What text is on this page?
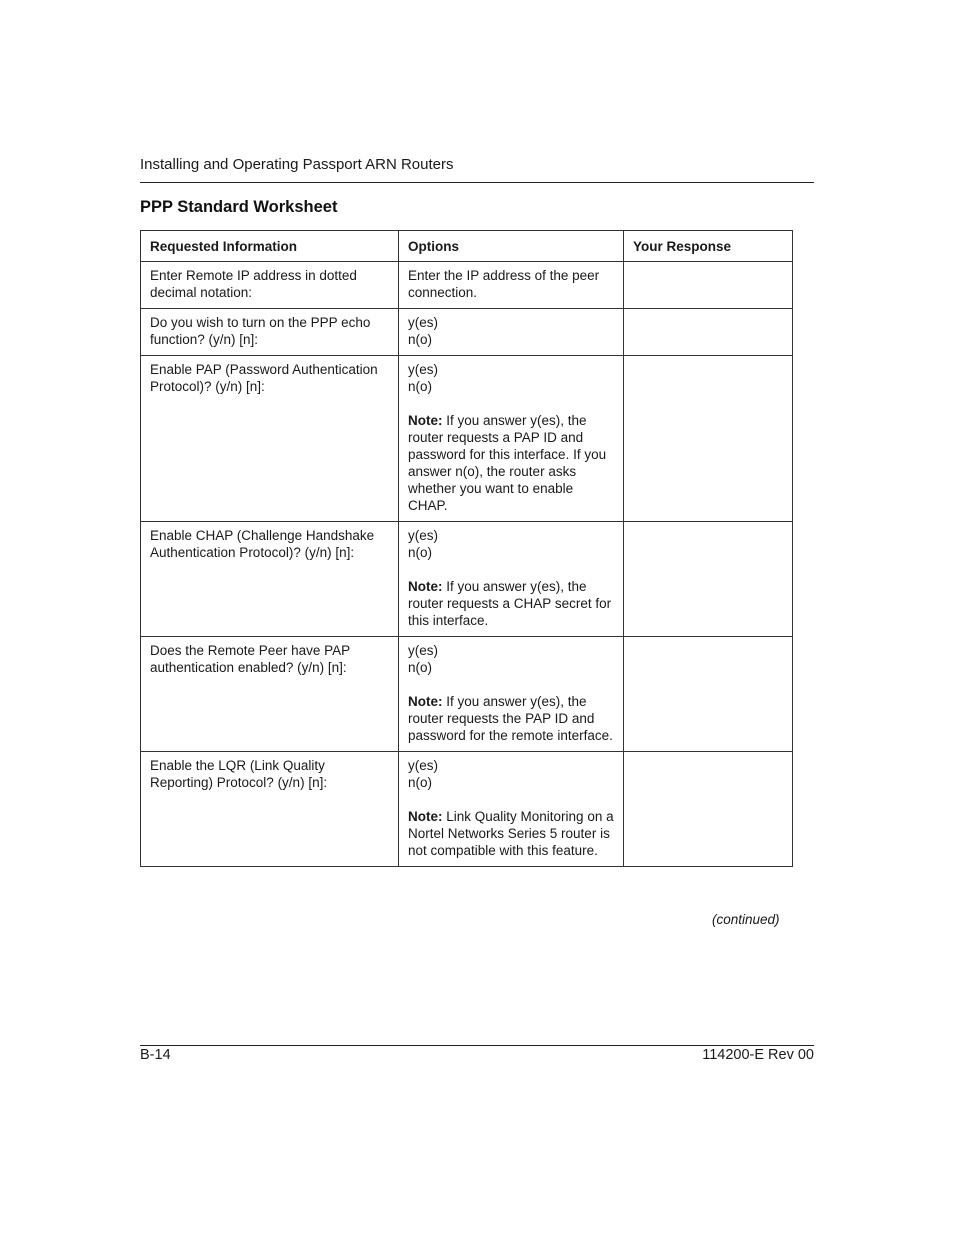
Installing and Operating Passport ARN Routers
PPP Standard Worksheet
Requested Information	Options	Your Response
Enter Remote IP address in dotted decimal notation:	Enter the IP address of the peer connection.	

Do you wish to turn on the PPP echo function? (y/n) [n]:	y(es)
n(o)	

Enable PAP (Password Authentication Protocol)? (y/n) [n]:	y(es)
n(o)
Note: If you answer y(es), the router requests a PAP ID and password for this interface. If you answer n(o), the router asks whether you want to enable CHAP.	

Enable CHAP (Challenge Handshake Authentication Protocol)? (y/n) [n]:	y(es)
n(o)
Note: If you answer y(es), the router requests a CHAP secret for this interface.	

Does the Remote Peer have PAP authentication enabled? (y/n) [n]:	y(es)
n(o)
Note: If you answer y(es), the router requests the PAP ID and password for the remote interface.	

Enable the LQR (Link Quality Reporting) Protocol? (y/n) [n]:	y(es)
n(o)
Note: Link Quality Monitoring on a Nortel Networks Series 5 router is not compatible with this feature.	

(continued)
B-14	114200-E Rev 00
